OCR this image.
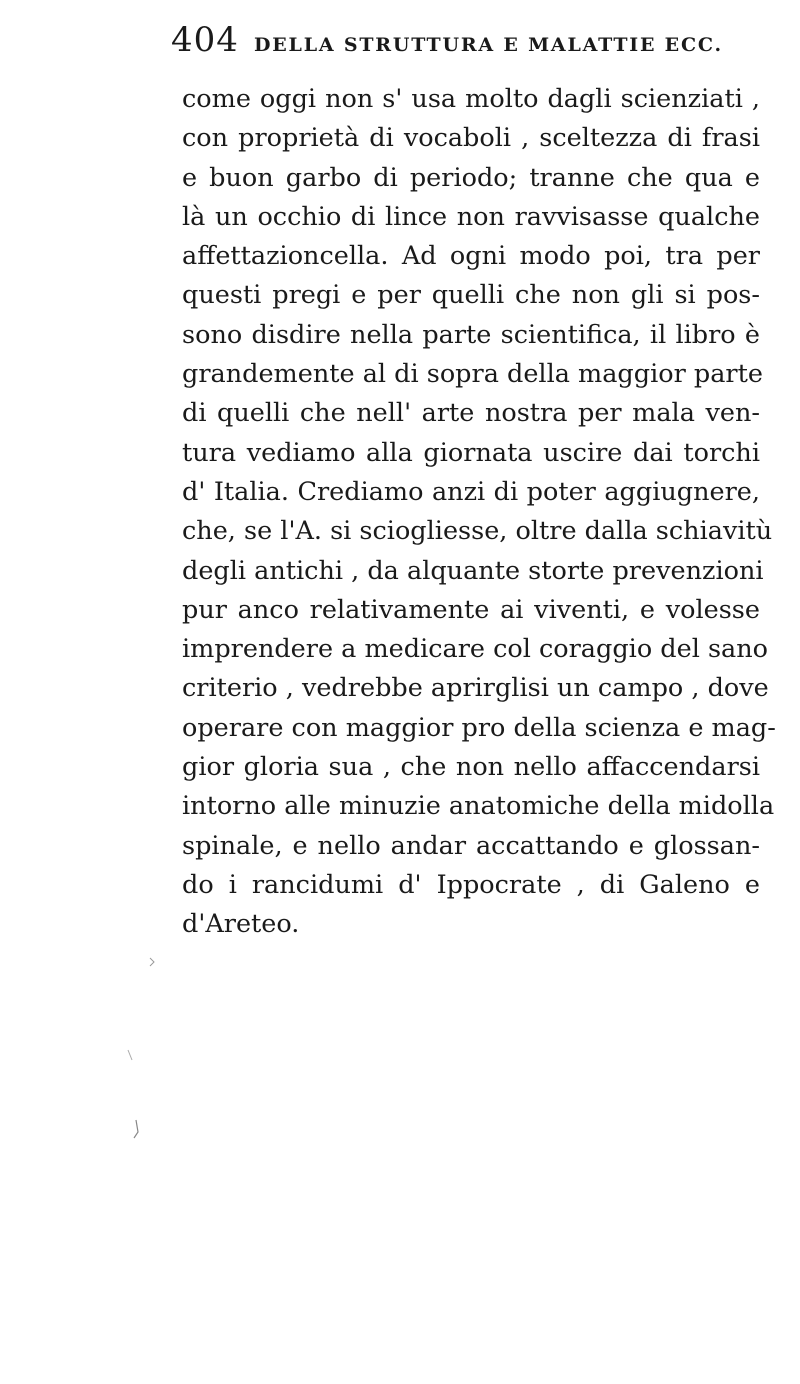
404 DELLA STRUTTURA E MALATTIE ECC.
come oggi non s' usa molto dagli scienziati ,
con proprietà di vocaboli , sceltezza di frasi
e buon garbo di periodo; tranne che qua e
là un occhio di lince non ravvisasse qualche
affettazioncella. Ad ogni modo poi, tra per
questi pregi e per quelli che non gli si pos-
sono disdire nella parte scientifica, il libro è
grandemente al di sopra della maggior parte
di quelli che nell' arte nostra per mala ven-
tura vediamo alla giornata uscire dai torchi
d' Italia. Crediamo anzi di poter aggiugnere,
che, se l'A. si sciogliesse, oltre dalla schiavitù
degli antichi , da alquante storte prevenzioni
pur anco relativamente ai viventi, e volesse
imprendere a medicare col coraggio del sano
criterio , vedrebbe aprirglisi un campo , dove
operare con maggior pro della scienza e mag-
gior gloria sua , che non nello affaccendarsi
intorno alle minuzie anatomiche della midolla
spinale, e nello andar accattando e glossan-
do i rancidumi d' Ippocrate , di Galeno e
d'Areteo.
